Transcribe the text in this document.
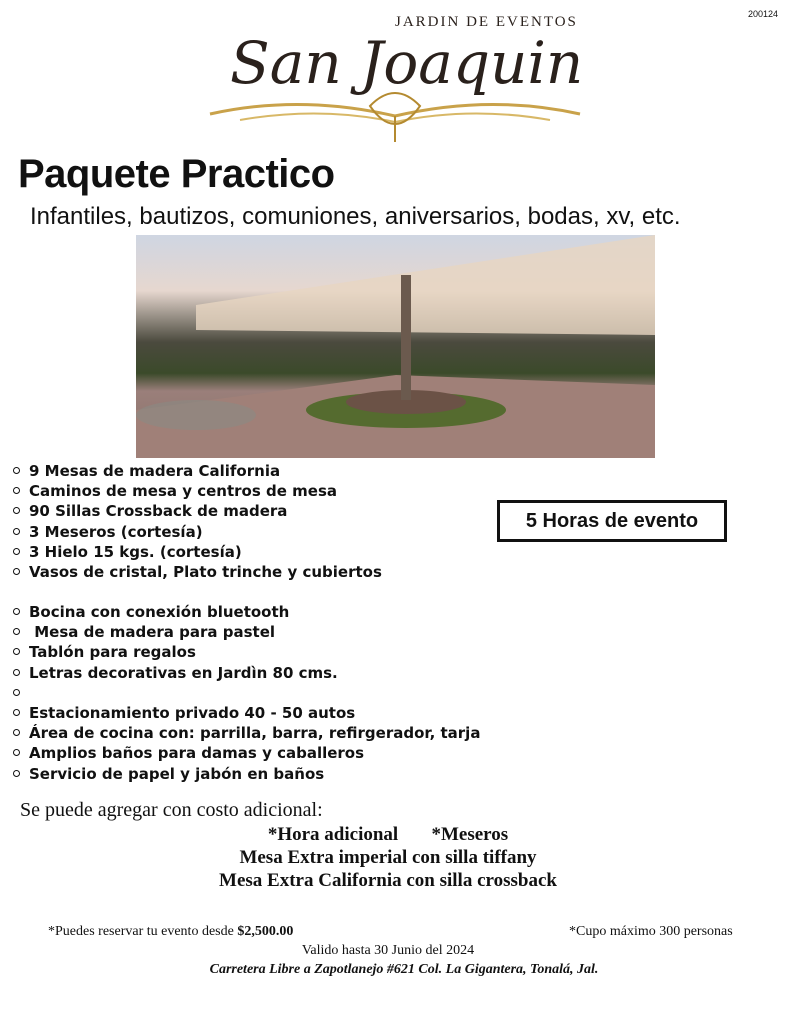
200124
JARDIN DE EVENTOS
San Joaquin
Paquete Practico
Infantiles, bautizos, comuniones, aniversarios, bodas, xv, etc.
9 Mesas de madera California
Caminos de mesa y centros de mesa
90 Sillas Crossback de madera
3 Meseros (cortesía)
3 Hielo 15 kgs. (cortesía)
Vasos de cristal, Plato trinche y cubiertos
Bocina con conexión bluetooth
Mesa de madera para pastel
Tablón para regalos
Letras decorativas en Jardìn 80 cms.
Estacionamiento privado 40 - 50 autos
Área de cocina con: parrilla, barra, refirgerador, tarja
Amplios baños para damas y caballeros
Servicio de papel y jabón en baños
5 Horas de evento
Se puede agregar con costo adicional:
*Hora adicional       *Meseros
Mesa Extra imperial con silla tiffany
Mesa Extra California con silla crossback
*Puedes reservar tu evento desde $2,500.00	*Cupo máximo 300 personas
Valido hasta 30 Junio del 2024
Carretera Libre a Zapotlanejo #621 Col. La Gigantera, Tonalá, Jal.
